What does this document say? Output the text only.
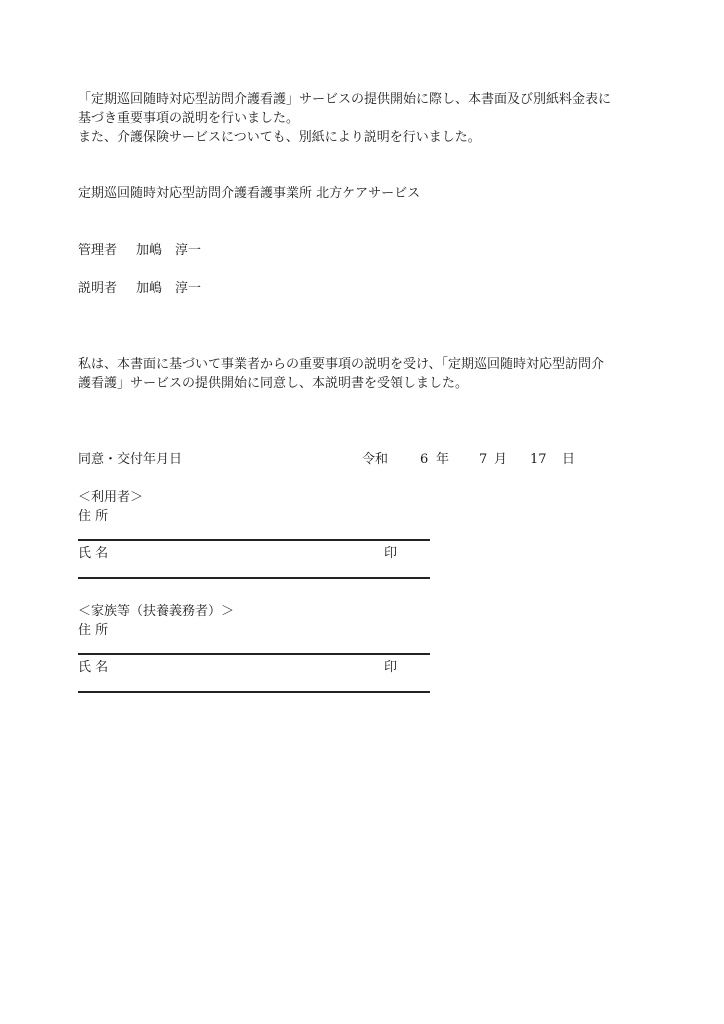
「定期巡回随時対応型訪問介護看護」サービスの提供開始に際し、本書面及び別紙料金表に
基づき重要事項の説明を行いました。
また、介護保険サービスについても、別紙により説明を行いました。
定期巡回随時対応型訪問介護看護事業所 北方ケアサービス
管理者 加嶋　淳一
説明者 加嶋　淳一
私は、本書面に基づいて事業者からの重要事項の説明を受け、「定期巡回随時対応型訪問介
護看護」サービスの提供開始に同意し、本説明書を受領しました。
同意・交付年月日	令和 6 年 7 月 17 日
＜利用者＞
住 所
氏 名	印
＜家族等（扶養義務者）＞
住 所
氏 名	印
